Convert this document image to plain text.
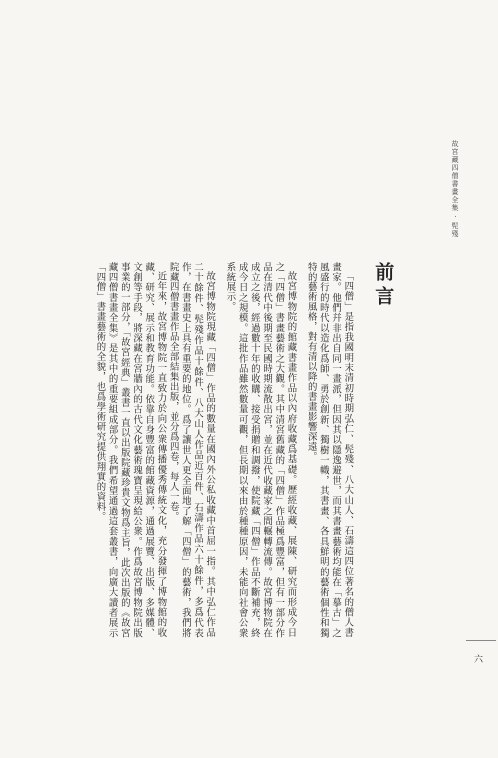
故宮藏四僧書畫全集 · 髡殘
前言

「四僧」是指我國明末清初時期弘仁、髡殘、八大山人、石濤這四位著名的僧人書畫家。他們幷非出自同一畫派，但因其以隱逸避世，而其書畫藝術均能在「摹古」之風盛行的時代以造化爲師、勇於創新、獨樹一幟，其書畫、各具鮮明的藝術個性和獨特的藝術風格，對有清以降的書畫影響深遠。

故宮博物院的館藏書畫作品以內府收藏爲基礎。歷經收藏、展陳、研究而形成今日之「四僧」書畫藝術之大觀。其中清宮舊藏的「四僧」作品極爲豐富，但有一部分作品在清代中後期至民國時期流散出宮，並在近代收藏家之間輾轉流傳。故宮博物院在成立之後，經過數十年的收購、接受捐贈和調撥，使院藏「四僧」作品不斷補充，終成今日之規模。這批作品雖然數量可觀，但長期以來由於種種原因，未能向社會公衆系統展示。

故宮博物院現藏「四僧」作品的數量在國內外公私收藏中首屈一指。其中弘仁作品二十餘件、髡殘作品十餘件、八大山人作品近百件、石濤作品六十餘件，多爲代表作，在書畫史上具有重要的地位。爲了讓世人更全面地了解「四僧」的藝術，我們將院藏四僧書畫作品全部結集出版，並分爲四卷，每人一卷。

近年來，故宮博物院一直致力於向公衆傳播優秀傳統文化，充分發揮了博物館的收藏、研究、展示和教育功能。依靠自身豐富的館藏資源，通過展覽、出版、多媒體、文創等手段，將深藏在宮牆內的古代文化藝術瑰寶呈現給公衆。作爲故宮博物院出版事業的一部分，「故宮經典」叢書一直以出版院藏珍貴文物爲主旨，此次出版的《故宮藏四僧書畫全集》是其中的重要組成部分。我們希望通過這套叢書，向廣大讀者展示「四僧」書畫藝術的全貌，也爲學術研究提供翔實的資料。

六
